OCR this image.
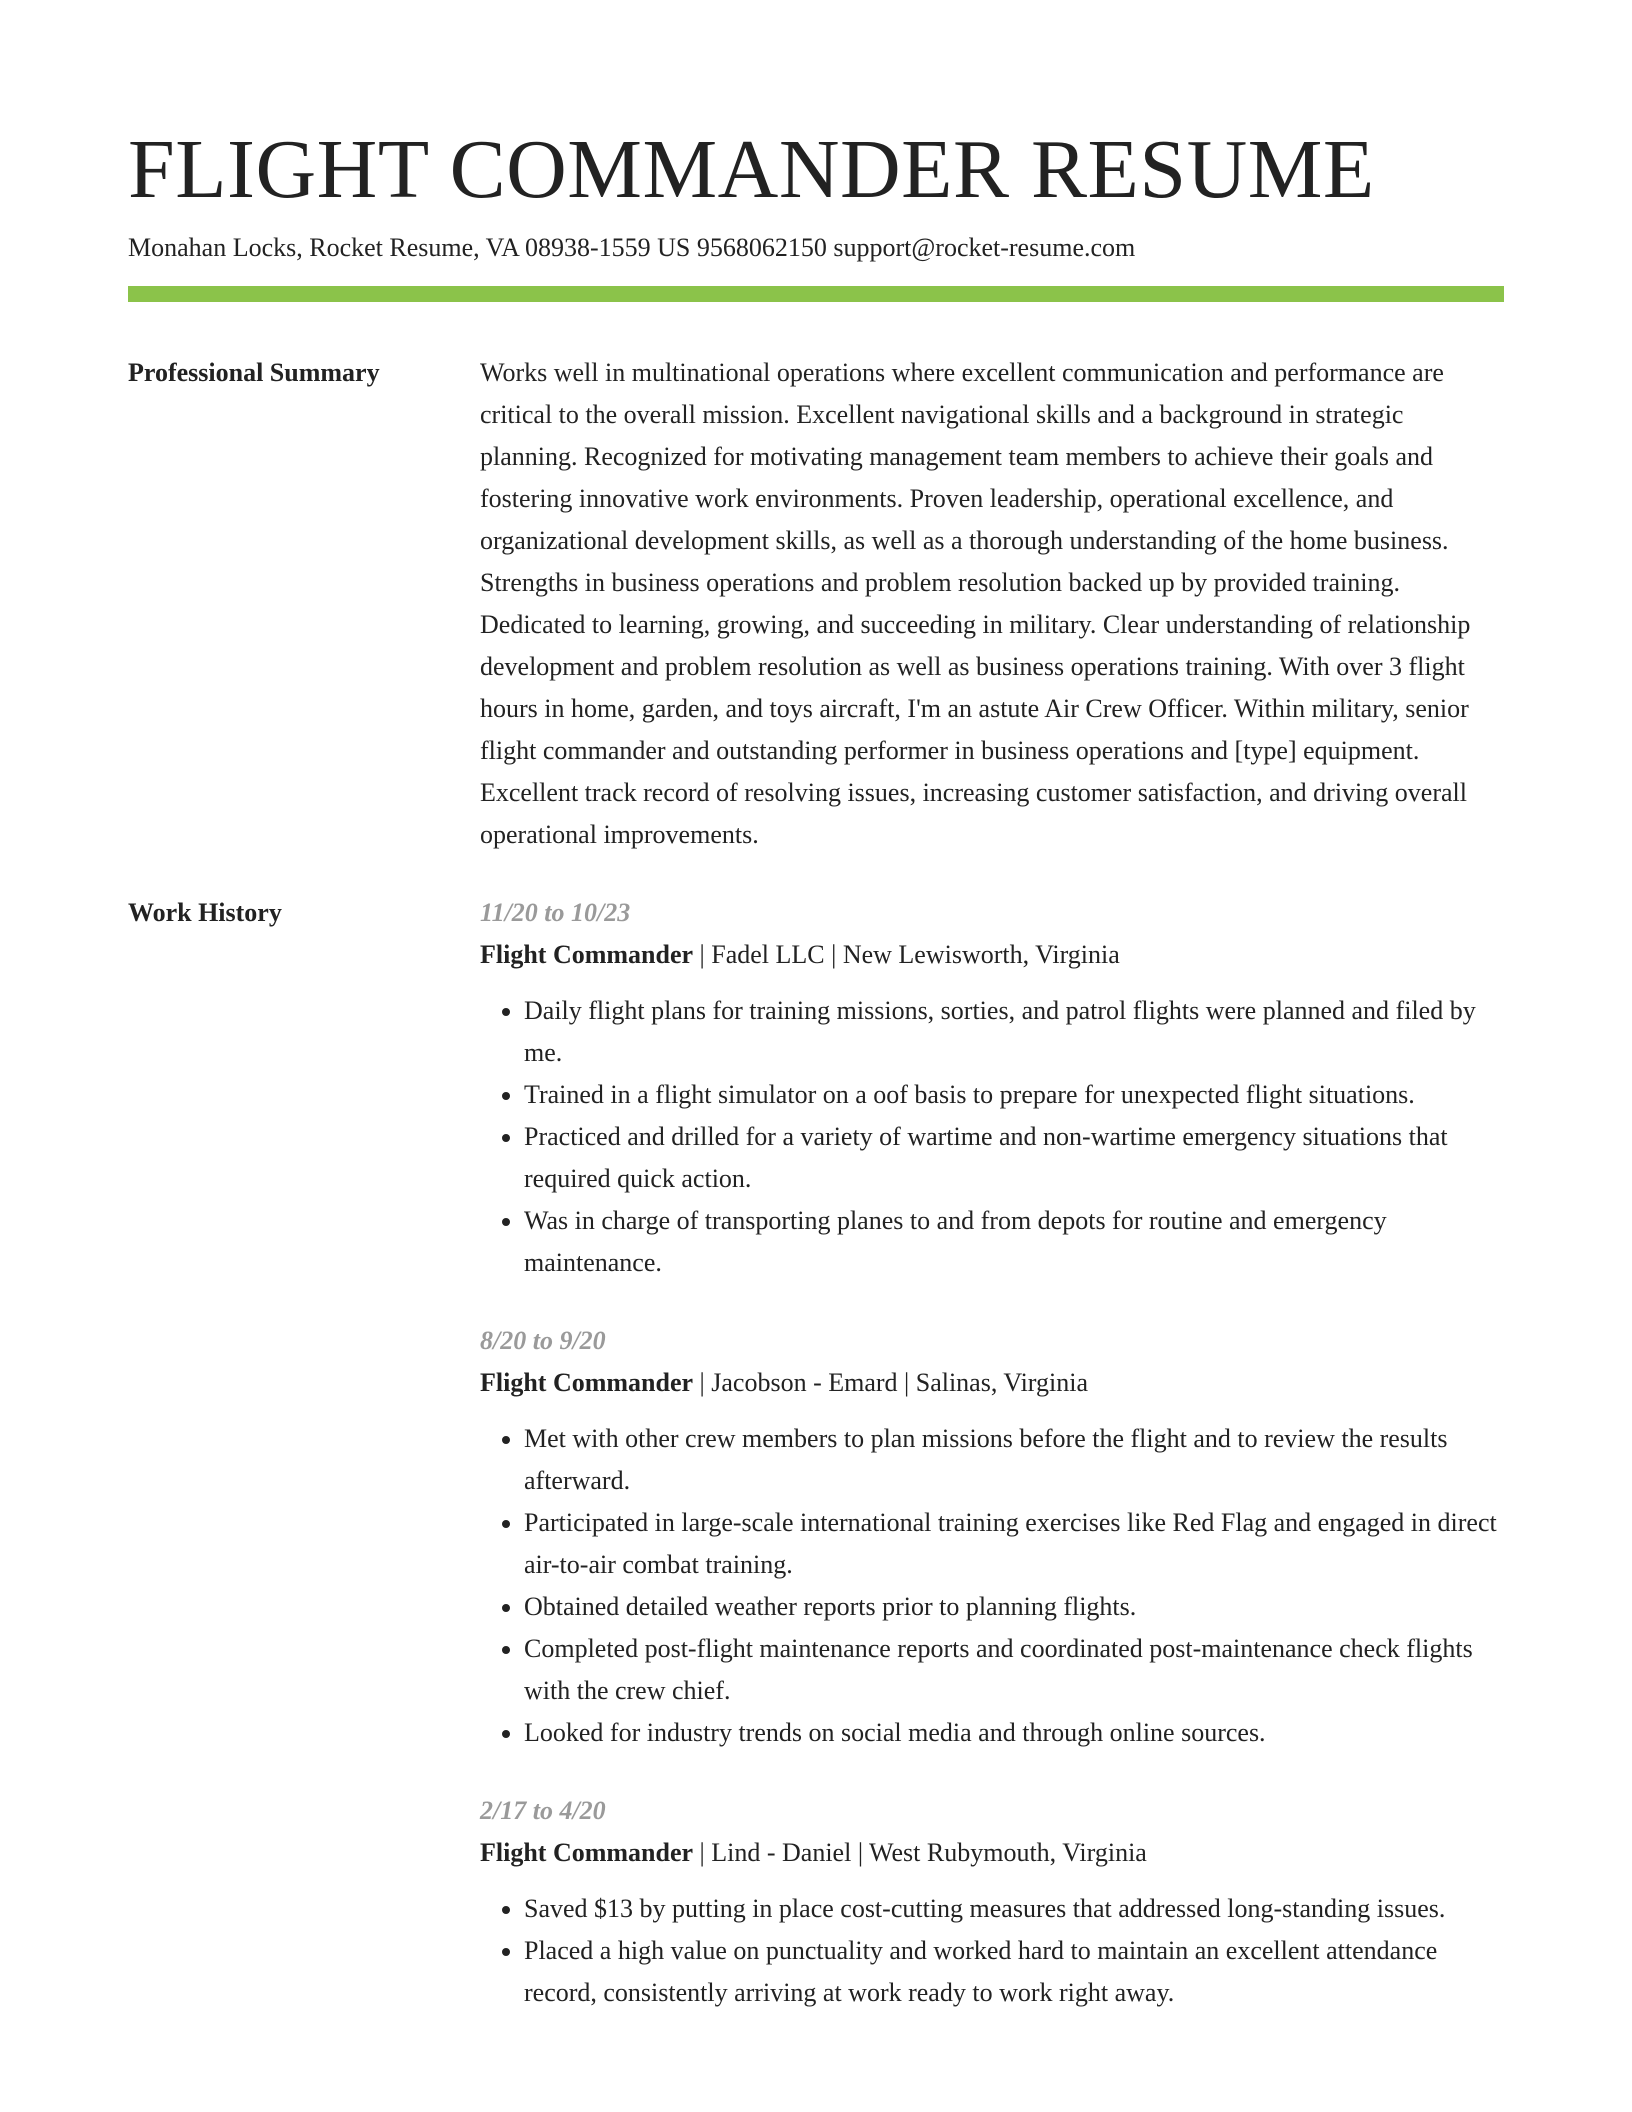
FLIGHT COMMANDER RESUME
Monahan Locks, Rocket Resume, VA 08938-1559 US 9568062150 support@rocket-resume.com
Professional Summary	Works well in multinational operations where excellent communication and performance are critical to the overall mission. Excellent navigational skills and a background in strategic planning. Recognized for motivating management team members to achieve their goals and fostering innovative work environments. Proven leadership, operational excellence, and organizational development skills, as well as a thorough understanding of the home business. Strengths in business operations and problem resolution backed up by provided training. Dedicated to learning, growing, and succeeding in military. Clear understanding of relationship development and problem resolution as well as business operations training. With over 3 flight hours in home, garden, and toys aircraft, I'm an astute Air Crew Officer. Within military, senior flight commander and outstanding performer in business operations and [type] equipment. Excellent track record of resolving issues, increasing customer satisfaction, and driving overall operational improvements.

Work History	11/20 to 10/23
Flight Commander | Fadel LLC | New Lewisworth, Virginia
• Daily flight plans for training missions, sorties, and patrol flights were planned and filed by me.
• Trained in a flight simulator on a oof basis to prepare for unexpected flight situations.
• Practiced and drilled for a variety of wartime and non-wartime emergency situations that required quick action.
• Was in charge of transporting planes to and from depots for routine and emergency maintenance.
8/20 to 9/20
Flight Commander | Jacobson - Emard | Salinas, Virginia
• Met with other crew members to plan missions before the flight and to review the results afterward.
• Participated in large-scale international training exercises like Red Flag and engaged in direct air-to-air combat training.
• Obtained detailed weather reports prior to planning flights.
• Completed post-flight maintenance reports and coordinated post-maintenance check flights with the crew chief.
• Looked for industry trends on social media and through online sources.
2/17 to 4/20
Flight Commander | Lind - Daniel | West Rubymouth, Virginia
• Saved $13 by putting in place cost-cutting measures that addressed long-standing issues.
• Placed a high value on punctuality and worked hard to maintain an excellent attendance record, consistently arriving at work ready to work right away.
